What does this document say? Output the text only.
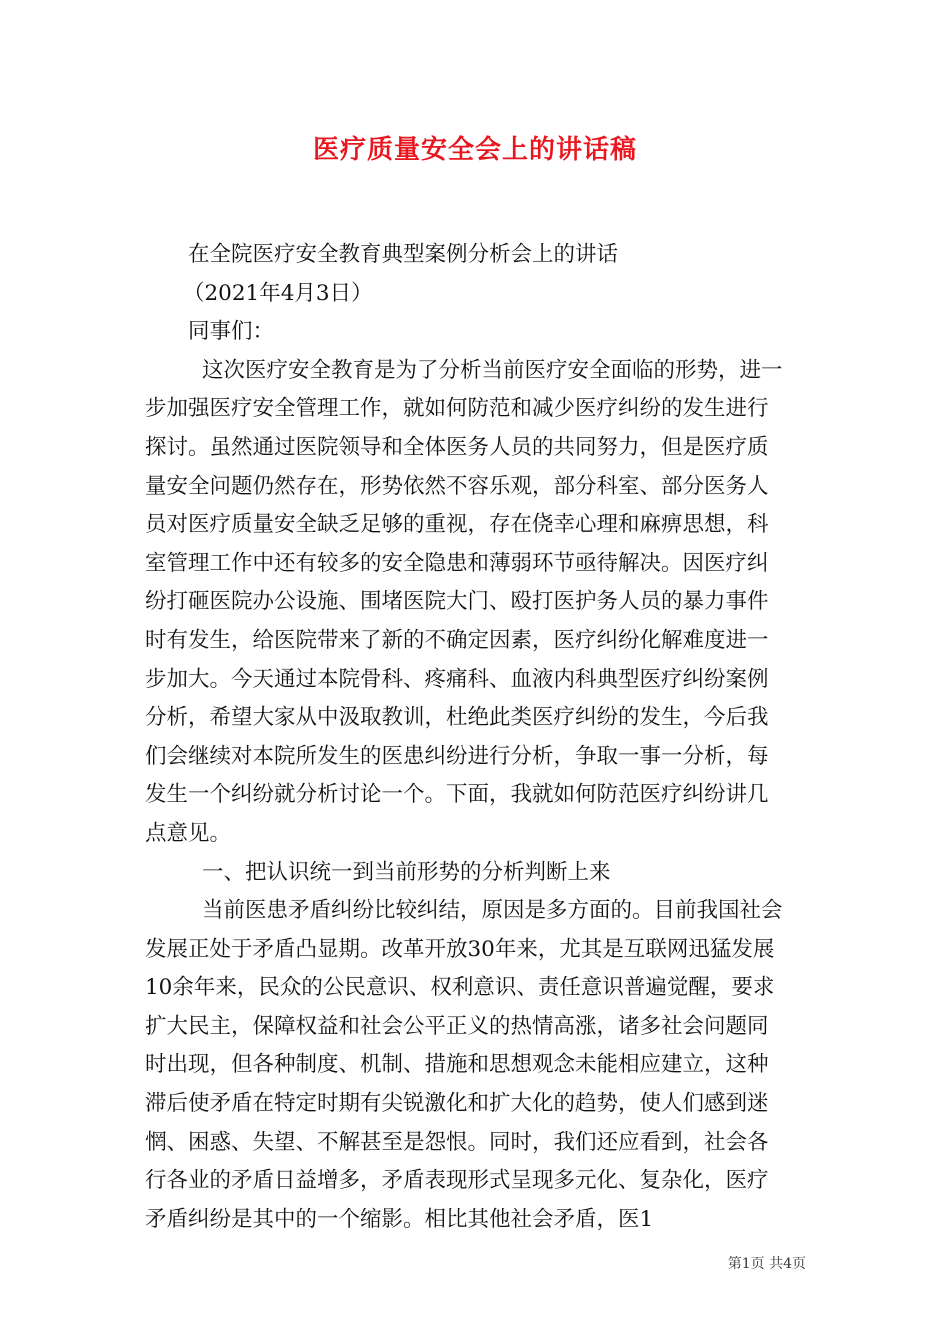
医疗质量安全会上的讲话稿
在全院医疗安全教育典型案例分析会上的讲话
（2021年4月3日）
同事们：
这次医疗安全教育是为了分析当前医疗安全面临的形势，进一
步加强医疗安全管理工作，就如何防范和减少医疗纠纷的发生进行
探讨。虽然通过医院领导和全体医务人员的共同努力，但是医疗质
量安全问题仍然存在，形势依然不容乐观，部分科室、部分医务人
员对医疗质量安全缺乏足够的重视，存在侥幸心理和麻痹思想，科
室管理工作中还有较多的安全隐患和薄弱环节亟待解决。因医疗纠
纷打砸医院办公设施、围堵医院大门、殴打医护务人员的暴力事件
时有发生，给医院带来了新的不确定因素，医疗纠纷化解难度进一
步加大。今天通过本院骨科、疼痛科、血液内科典型医疗纠纷案例
分析，希望大家从中汲取教训，杜绝此类医疗纠纷的发生，今后我
们会继续对本院所发生的医患纠纷进行分析，争取一事一分析，每
发生一个纠纷就分析讨论一个。下面，我就如何防范医疗纠纷讲几
点意见。
一、把认识统一到当前形势的分析判断上来
当前医患矛盾纠纷比较纠结，原因是多方面的。目前我国社会
发展正处于矛盾凸显期。改革开放30年来，尤其是互联网迅猛发展
10余年来，民众的公民意识、权利意识、责任意识普遍觉醒，要求
扩大民主，保障权益和社会公平正义的热情高涨，诸多社会问题同
时出现，但各种制度、机制、措施和思想观念未能相应建立，这种
滞后使矛盾在特定时期有尖锐激化和扩大化的趋势，使人们感到迷
惘、困惑、失望、不解甚至是怨恨。同时，我们还应看到，社会各
行各业的矛盾日益增多，矛盾表现形式呈现多元化、复杂化，医疗
矛盾纠纷是其中的一个缩影。相比其他社会矛盾，医1
第1页 共4页
